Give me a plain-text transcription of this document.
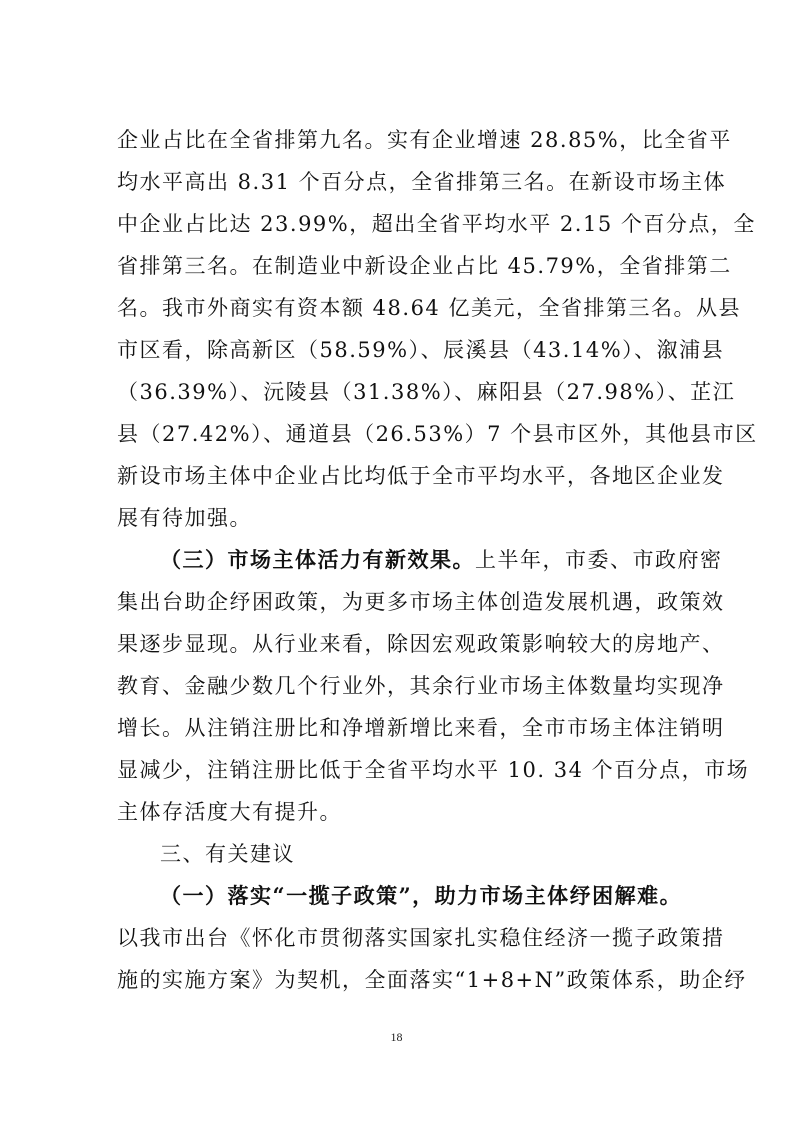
企业占比在全省排第九名。实有企业增速 28.85%，比全省平
均水平高出 8.31 个百分点，全省排第三名。在新设市场主体
中企业占比达 23.99%，超出全省平均水平 2.15 个百分点，全
省排第三名。在制造业中新设企业占比 45.79%，全省排第二
名。我市外商实有资本额 48.64 亿美元，全省排第三名。从县
市区看，除高新区（58.59%）、辰溪县（43.14%）、溆浦县
（36.39%）、沅陵县（31.38%）、麻阳县（27.98%）、芷江
县（27.42%）、通道县（26.53%）7 个县市区外，其他县市区
新设市场主体中企业占比均低于全市平均水平，各地区企业发
展有待加强。
（三）市场主体活力有新效果。上半年，市委、市政府密
集出台助企纾困政策，为更多市场主体创造发展机遇，政策效
果逐步显现。从行业来看，除因宏观政策影响较大的房地产、
教育、金融少数几个行业外，其余行业市场主体数量均实现净
增长。从注销注册比和净增新增比来看，全市市场主体注销明
显减少，注销注册比低于全省平均水平 10. 34 个百分点，市场
主体存活度大有提升。
三、有关建议
（一）落实“一揽子政策”，助力市场主体纾困解难。
以我市出台《怀化市贯彻落实国家扎实稳住经济一揽子政策措
施的实施方案》为契机，全面落实“1+8+N”政策体系，助企纾
18
